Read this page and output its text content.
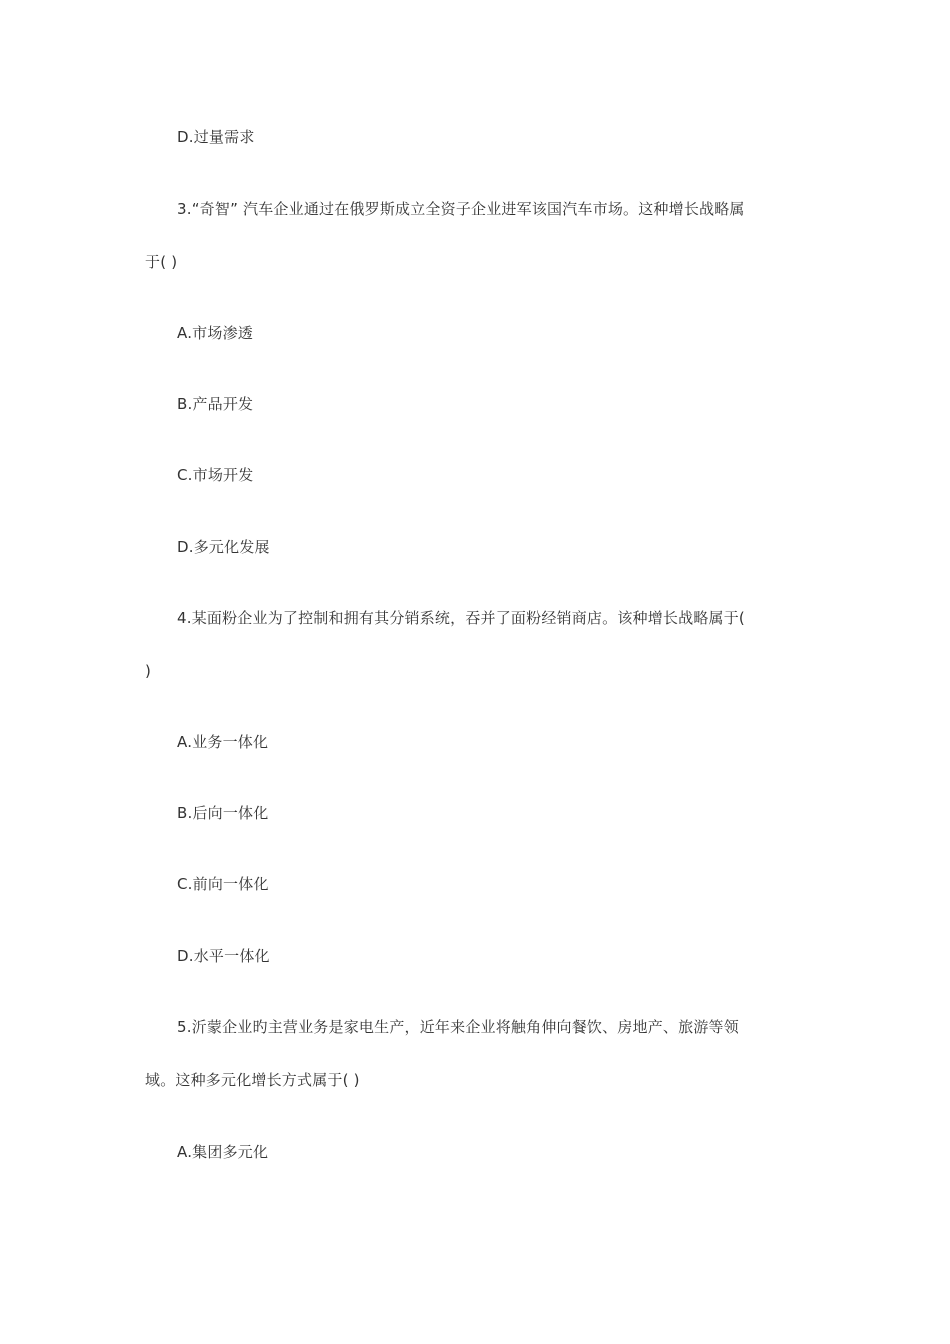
D.过量需求
3.“奇智” 汽车企业通过在俄罗斯成立全资子企业进军该国汽车市场。这种增长战略属
于( )
A.市场渗透
B.产品开发
C.市场开发
D.多元化发展
4.某面粉企业为了控制和拥有其分销系统，吞并了面粉经销商店。该种增长战略属于(
)
A.业务一体化
B.后向一体化
C.前向一体化
D.水平一体化
5.沂蒙企业旳主营业务是家电生产，近年来企业将触角伸向餐饮、房地产、旅游等领
域。这种多元化增长方式属于( )
A.集团多元化
